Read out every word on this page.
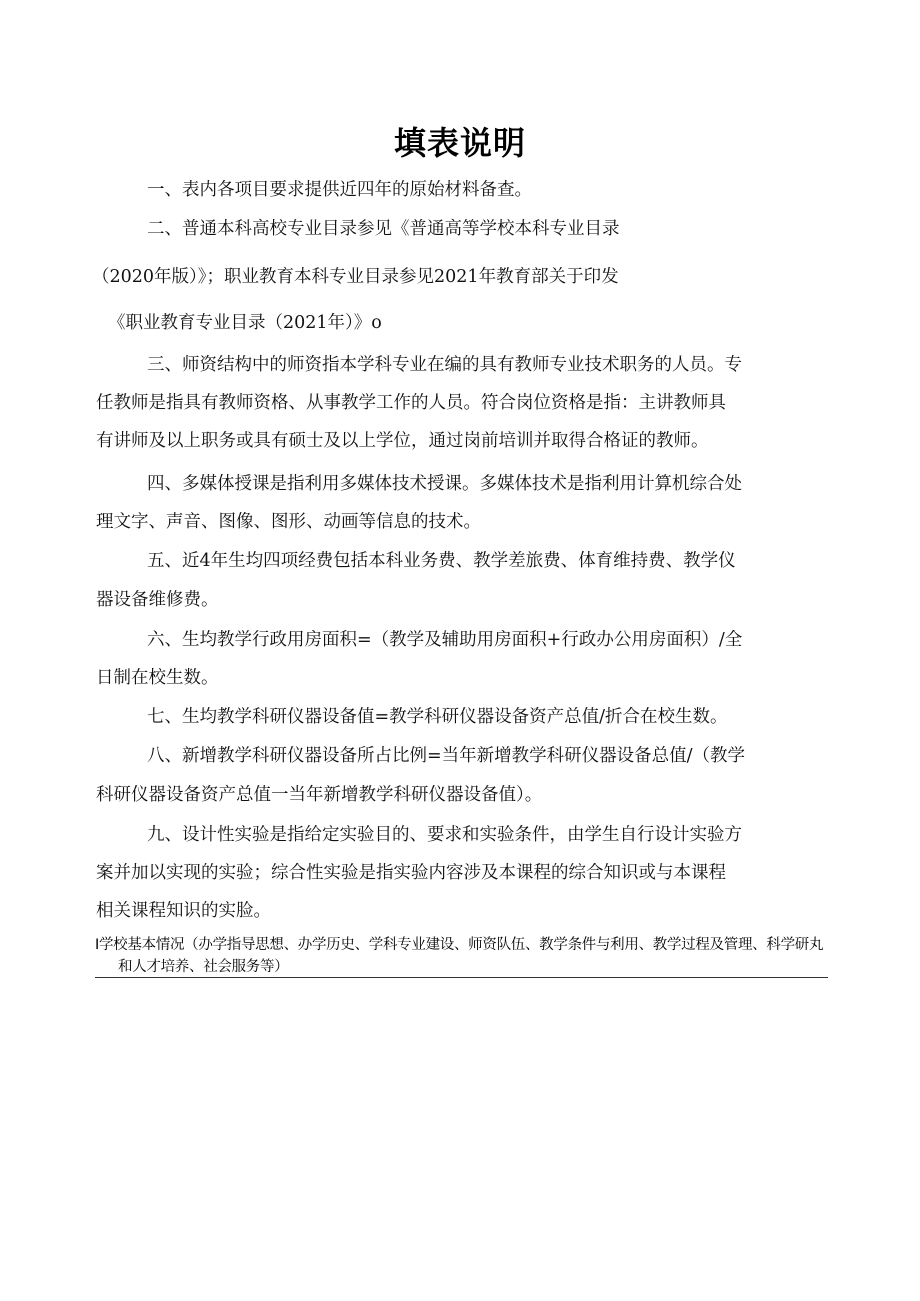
填表说明
一、表内各项目要求提供近四年的原始材料备查。
二、普通本科高校专业目录参见《普通高等学校本科专业目录
（2020年版）》；职业教育本科专业目录参见2021年教育部关于印发
《职业教育专业目录（2021年）》o
三、师资结构中的师资指本学科专业在编的具有教师专业技术职务的人员。专
任教师是指具有教师资格、从事教学工作的人员。符合岗位资格是指：主讲教师具
有讲师及以上职务或具有硕士及以上学位，通过岗前培训并取得合格证的教师。
四、多媒体授课是指利用多媒体技术授课。多媒体技术是指利用计算机综合处
理文字、声音、图像、图形、动画等信息的技术。
五、近4年生均四项经费包括本科业务费、教学差旅费、体育维持费、教学仪
器设备维修费。
六、生均教学行政用房面积=（教学及辅助用房面积+行政办公用房面积）/全
日制在校生数。
七、生均教学科研仪器设备值=教学科研仪器设备资产总值/折合在校生数。
八、新增教学科研仪器设备所占比例=当年新增教学科研仪器设备总值/（教学
科研仪器设备资产总值一当年新增教学科研仪器设备值）。
九、设计性实验是指给定实验目的、要求和实验条件，由学生自行设计实验方
案并加以实现的实验；综合性实验是指实验内容涉及本课程的综合知识或与本课程
相关课程知识的实脸。
I学校基本情况（办学指导思想、办学历史、学科专业建设、师资队伍、教学条件与利用、教学过程及管理、科学研丸
和人才培养、社会服务等）
